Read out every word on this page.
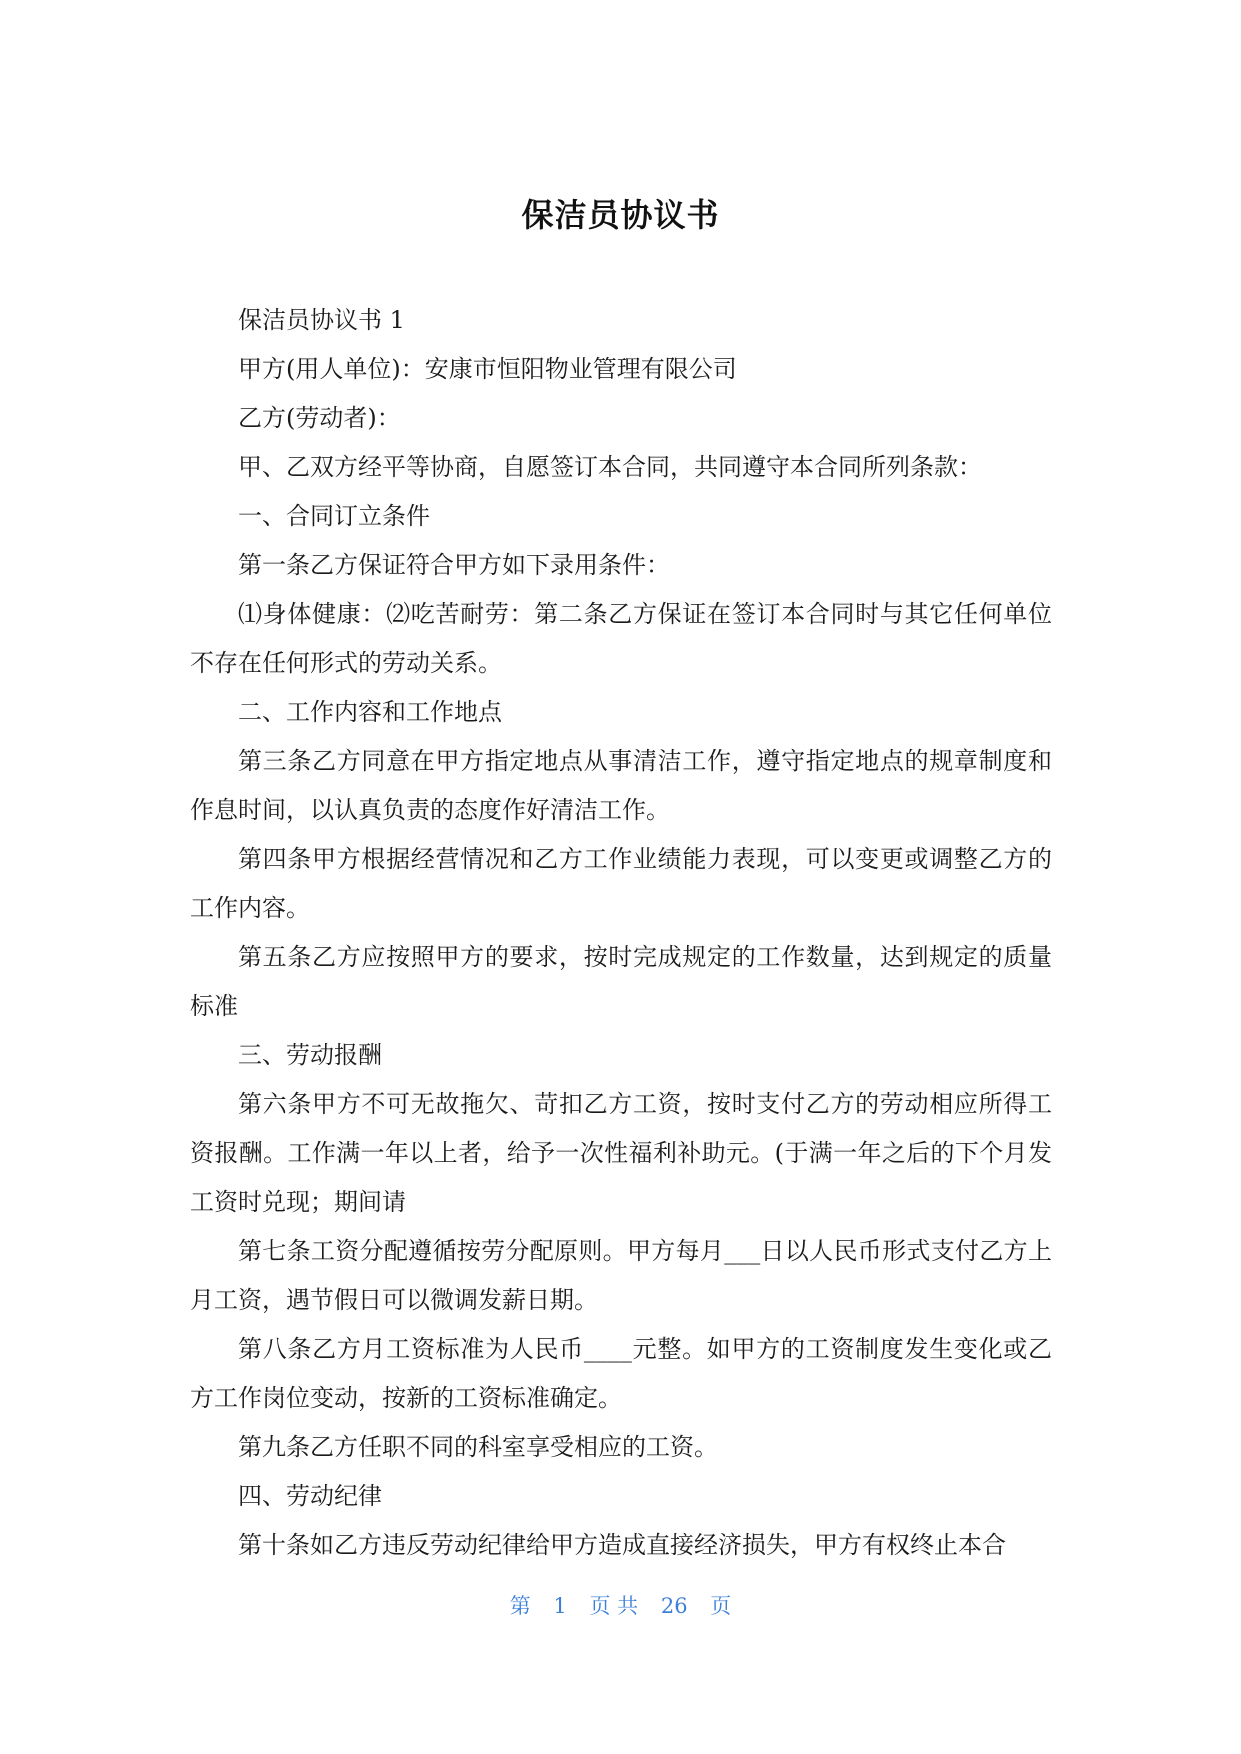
保洁员协议书

保洁员协议书 1

甲方(用人单位)：安康市恒阳物业管理有限公司

乙方(劳动者)：

甲、乙双方经平等协商，自愿签订本合同，共同遵守本合同所列条款：

一、合同订立条件

第一条乙方保证符合甲方如下录用条件：

⑴身体健康：⑵吃苦耐劳：第二条乙方保证在签订本合同时与其它任何单位不存在任何形式的劳动关系。

二、工作内容和工作地点

第三条乙方同意在甲方指定地点从事清洁工作，遵守指定地点的规章制度和作息时间，以认真负责的态度作好清洁工作。

第四条甲方根据经营情况和乙方工作业绩能力表现，可以变更或调整乙方的工作内容。

第五条乙方应按照甲方的要求，按时完成规定的工作数量，达到规定的质量标准

三、劳动报酬

第六条甲方不可无故拖欠、苛扣乙方工资，按时支付乙方的劳动相应所得工资报酬。工作满一年以上者，给予一次性福利补助元。(于满一年之后的下个月发工资时兑现；期间请

第七条工资分配遵循按劳分配原则。甲方每月___日以人民币形式支付乙方上月工资，遇节假日可以微调发薪日期。

第八条乙方月工资标准为人民币____元整。如甲方的工资制度发生变化或乙方工作岗位变动，按新的工资标准确定。

第九条乙方任职不同的科室享受相应的工资。

四、劳动纪律

第十条如乙方违反劳动纪律给甲方造成直接经济损失，甲方有权终止本合

第 1 页 共 26 页
